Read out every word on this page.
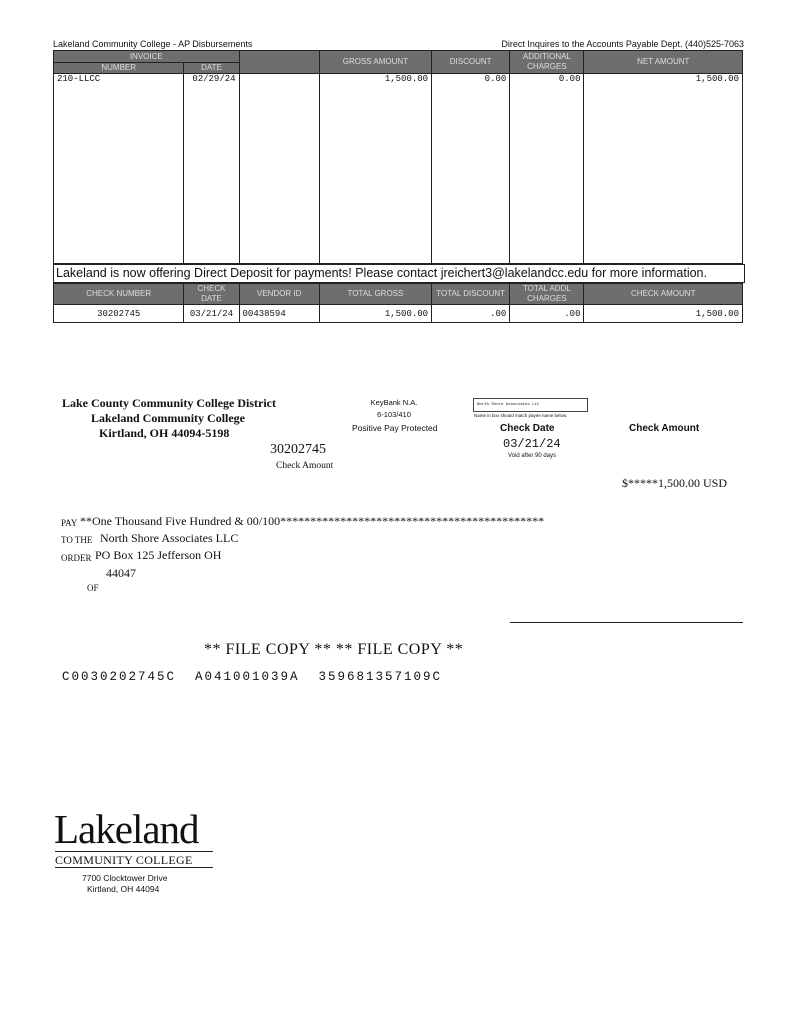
Lakeland Community College - AP Disbursements	Direct Inquires to the Accounts Payable Dept. (440)525-7063
INVOICE			GROSS AMOUNT	DISCOUNT	ADDITIONAL CHARGES	NET AMOUNT
NUMBER	DATE					
210-LLCC	02/29/24		1,500.00	0.00	0.00	1,500.00
Lakeland is now offering Direct Deposit for payments! Please contact jreichert3@lakelandcc.edu for more information.
CHECK NUMBER	CHECK DATE	VENDOR ID	TOTAL GROSS	TOTAL DISCOUNT	TOTAL ADDL CHARGES	CHECK AMOUNT
30202745	03/21/24	00438594	1,500.00	.00	.00	1,500.00
Lake County Community College District
Lakeland Community College
Kirtland, OH 44094-5198
KeyBank N.A.
6-103/410
Positive Pay Protected
North Shore Associates LLC
Name in box should match payee name below.
30202745
Check Amount
Check Date
03/21/24
Void after 90 days
Check Amount
$*****1,500.00 USD
PAY **One Thousand Five Hundred & 00/100********************************************
TO THE North Shore Associates LLC
ORDER PO Box 125 Jefferson OH
44047
OF
** FILE COPY ** ** FILE COPY **
C0030202745C  A041001039A  359681357109C
Lakeland
COMMUNITY COLLEGE
7700 Clocktower Drive
Kirtland, OH 44094
